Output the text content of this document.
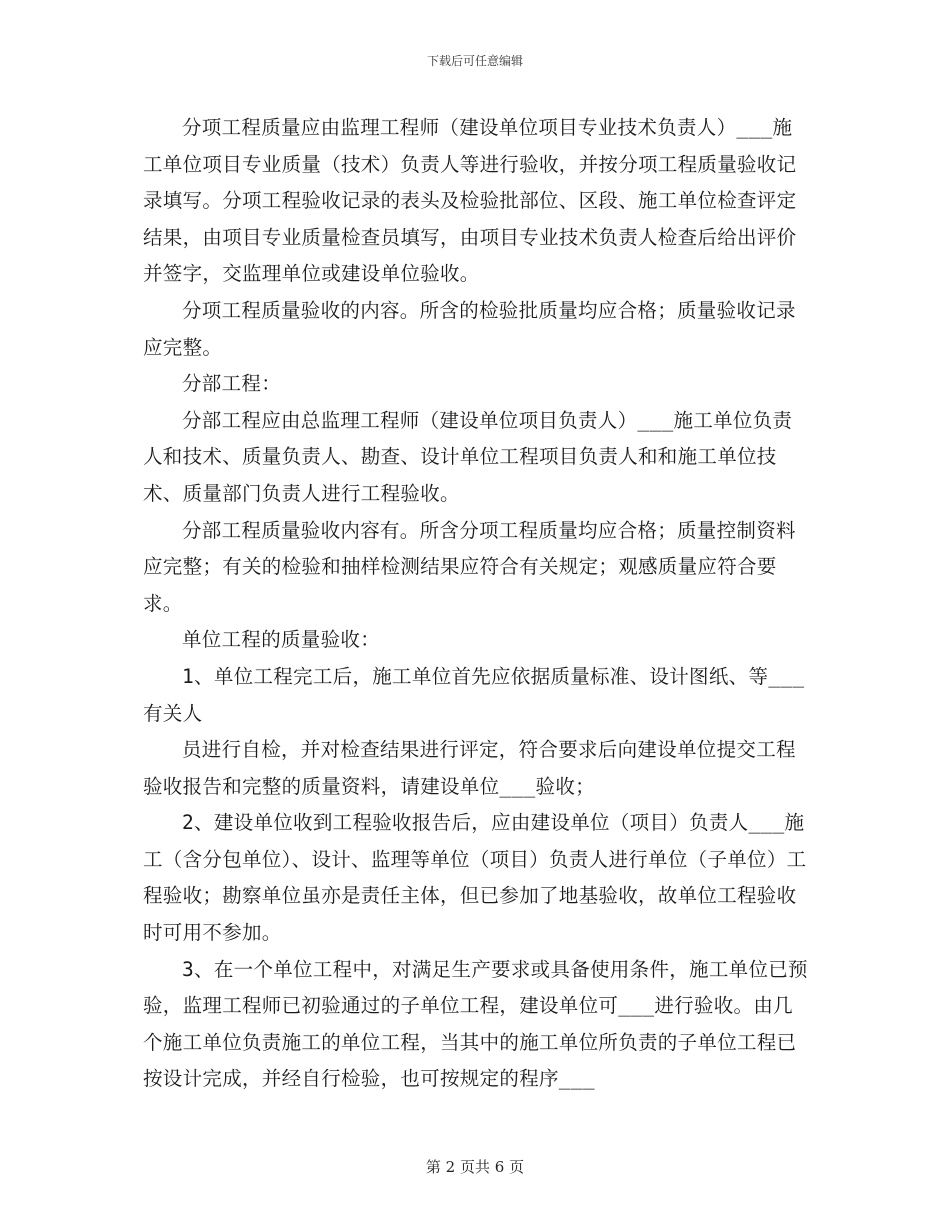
下载后可任意编辑

分项工程质量应由监理工程师（建设单位项目专业技术负责人）___施工单位项目专业质量（技术）负责人等进行验收，并按分项工程质量验收记录填写。分项工程验收记录的表头及检验批部位、区段、施工单位检查评定结果，由项目专业质量检查员填写，由项目专业技术负责人检查后给出评价并签字，交监理单位或建设单位验收。

分项工程质量验收的内容。所含的检验批质量均应合格；质量验收记录应完整。

分部工程：

分部工程应由总监理工程师（建设单位项目负责人）___施工单位负责人和技术、质量负责人、勘查、设计单位工程项目负责人和和施工单位技术、质量部门负责人进行工程验收。

分部工程质量验收内容有。所含分项工程质量均应合格；质量控制资料应完整；有关的检验和抽样检测结果应符合有关规定；观感质量应符合要求。

单位工程的质量验收：

1、单位工程完工后，施工单位首先应依据质量标准、设计图纸、等___有关人

员进行自检，并对检查结果进行评定，符合要求后向建设单位提交工程验收报告和完整的质量资料，请建设单位___验收；

2、建设单位收到工程验收报告后，应由建设单位（项目）负责人___施工（含分包单位）、设计、监理等单位（项目）负责人进行单位（子单位）工程验收；勘察单位虽亦是责任主体，但已参加了地基验收，故单位工程验收时可用不参加。

3、在一个单位工程中，对满足生产要求或具备使用条件，施工单位已预验，监理工程师已初验通过的子单位工程，建设单位可___进行验收。由几个施工单位负责施工的单位工程，当其中的施工单位所负责的子单位工程已按设计完成，并经自行检验，也可按规定的程序___

第 2 页共 6 页
